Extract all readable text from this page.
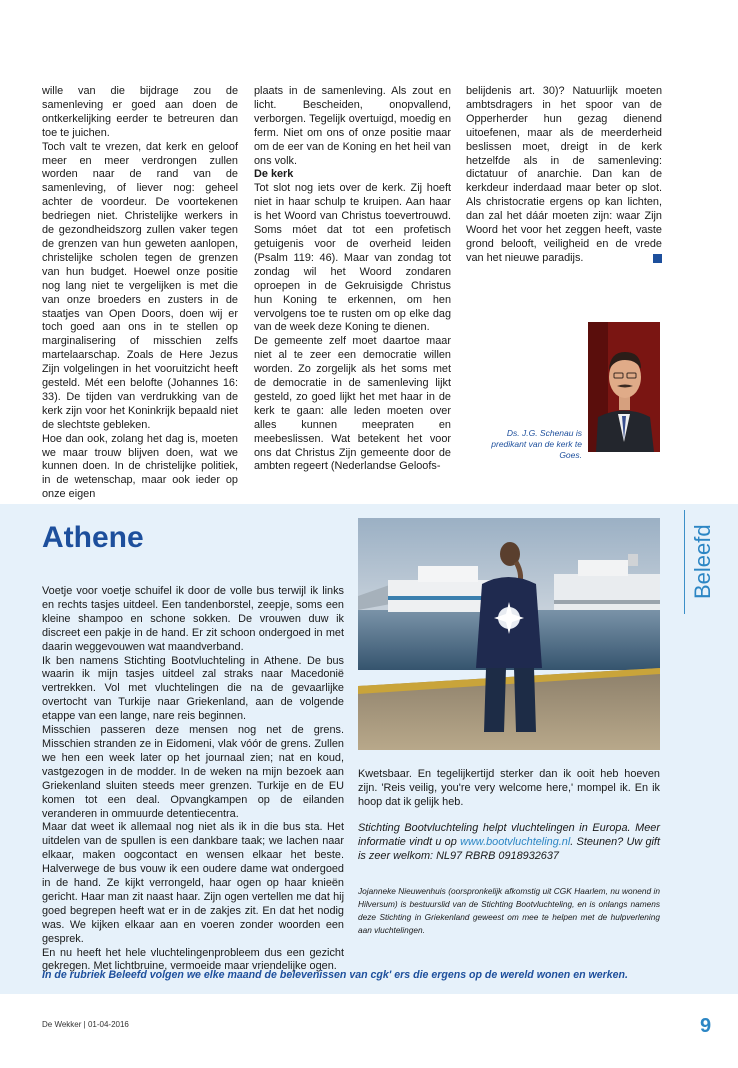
wille van die bijdrage zou de samenleving er goed aan doen de ontkerkelijking eerder te betreuren dan toe te juichen.

Toch valt te vrezen, dat kerk en geloof meer en meer verdrongen zullen worden naar de rand van de samenleving, of liever nog: geheel achter de voordeur. De voortekenen bedriegen niet. Christelijke werkers in de gezondheidszorg zullen vaker tegen de grenzen van hun geweten aanlopen, christelijke scholen tegen de grenzen van hun budget. Hoewel onze positie nog lang niet te vergelijken is met die van onze broeders en zusters in de staatjes van Open Doors, doen wij er toch goed aan ons in te stellen op marginalisering of misschien zelfs martelaarschap. Zoals de Here Jezus Zijn volgelingen in het vooruitzicht heeft gesteld. Mét een belofte (Johannes 16: 33). De tijden van verdrukking van de kerk zijn voor het Koninkrijk bepaald niet de slechtste gebleken.

Hoe dan ook, zolang het dag is, moeten we maar trouw blijven doen, wat we kunnen doen. In de christelijke politiek, in de wetenschap, maar ook ieder op onze eigen

plaats in de samenleving. Als zout en licht. Bescheiden, onopvallend, verborgen. Tegelijk overtuigd, moedig en ferm. Niet om ons of onze positie maar om de eer van de Koning en het heil van ons volk.

De kerk

Tot slot nog iets over de kerk. Zij hoeft niet in haar schulp te kruipen. Aan haar is het Woord van Christus toevertrouwd. Soms móet dat tot een profetisch getuigenis voor de overheid leiden (Psalm 119: 46). Maar van zondag tot zondag wil het Woord zondaren oproepen in de Gekruisigde Christus hun Koning te erkennen, om hen vervolgens toe te rusten om op elke dag van de week deze Koning te dienen.

De gemeente zelf moet daartoe maar niet al te zeer een democratie willen worden. Zo zorgelijk als het soms met de democratie in de samenleving lijkt gesteld, zo goed lijkt het met haar in de kerk te gaan: alle leden moeten over alles kunnen meepraten en meebeslissen. Wat betekent het voor ons dat Christus Zijn gemeente door de ambten regeert (Nederlandse Geloofs-

belijdenis art. 30)? Natuurlijk moeten ambtsdragers in het spoor van de Opperherder hun gezag dienend uitoefenen, maar als de meerderheid beslissen moet, dreigt in de kerk hetzelfde als in de samenleving: dictatuur of anarchie. Dan kan de kerkdeur inderdaad maar beter op slot. Als christocratie ergens op kan lichten, dan zal het dáár moeten zijn: waar Zijn Woord het voor het zeggen heeft, vaste grond belooft, veiligheid en de vrede van het nieuwe paradijs.

Ds. J.G. Schenau is predikant van de kerk te Goes.
Beleefd
Athene

Voetje voor voetje schuifel ik door de volle bus terwijl ik links en rechts tasjes uitdeel. Een tandenborstel, zeepje, soms een kleine shampoo en schone sokken. De vrouwen duw ik discreet een pakje in de hand. Er zit schoon ondergoed in met daarin weggevouwen wat maandverband.

Ik ben namens Stichting Bootvluchteling in Athene. De bus waarin ik mijn tasjes uitdeel zal straks naar Macedonië vertrekken. Vol met vluchtelingen die na de gevaarlijke overtocht van Turkije naar Griekenland, aan de volgende etappe van een lange, nare reis beginnen.

Misschien passeren deze mensen nog net de grens. Misschien stranden ze in Eidomeni, vlak vóór de grens. Zullen we hen een week later op het journaal zien; nat en koud, vastgezogen in de modder. In de weken na mijn bezoek aan Griekenland sluiten steeds meer grenzen. Turkije en de EU komen tot een deal. Opvangkampen op de eilanden veranderen in ommuurde detentiecentra.

Maar dat weet ik allemaal nog niet als ik in die bus sta. Het uitdelen van de spullen is een dankbare taak; we lachen naar elkaar, maken oogcontact en wensen elkaar het beste. Halverwege de bus vouw ik een oudere dame wat ondergoed in de hand. Ze kijkt verrongeld, haar ogen op haar knieën gericht. Haar man zit naast haar. Zijn ogen vertellen me dat hij goed begrepen heeft wat er in de zakjes zit. En dat het nodig was. We kijken elkaar aan en voeren zonder woorden een gesprek.

En nu heeft het hele vluchtelingenprobleem dus een gezicht gekregen. Met lichtbruine, vermoeide maar vriendelijke ogen.

Kwetsbaar. En tegelijkertijd sterker dan ik ooit heb hoeven zijn. 'Reis veilig, you're very welcome here,' mompel ik. En ik hoop dat ik gelijk heb.

Stichting Bootvluchteling helpt vluchtelingen in Europa. Meer informatie vindt u op www.bootvluchteling.nl. Steunen? Uw gift is zeer welkom: NL97 RBRB 0918932637

Jojanneke Nieuwenhuis (oorspronkelijk afkomstig uit CGK Haarlem, nu wonend in Hilversum) is bestuurslid van de Stichting Bootvluchteling, en is onlangs namens deze Stichting in Griekenland geweest om mee te helpen met de hulpverlening aan vluchtelingen.

In de rubriek Beleefd volgen we elke maand de belevenissen van cgk' ers die ergens op de wereld wonen en werken.
De Wekker | 01-04-2016	9
